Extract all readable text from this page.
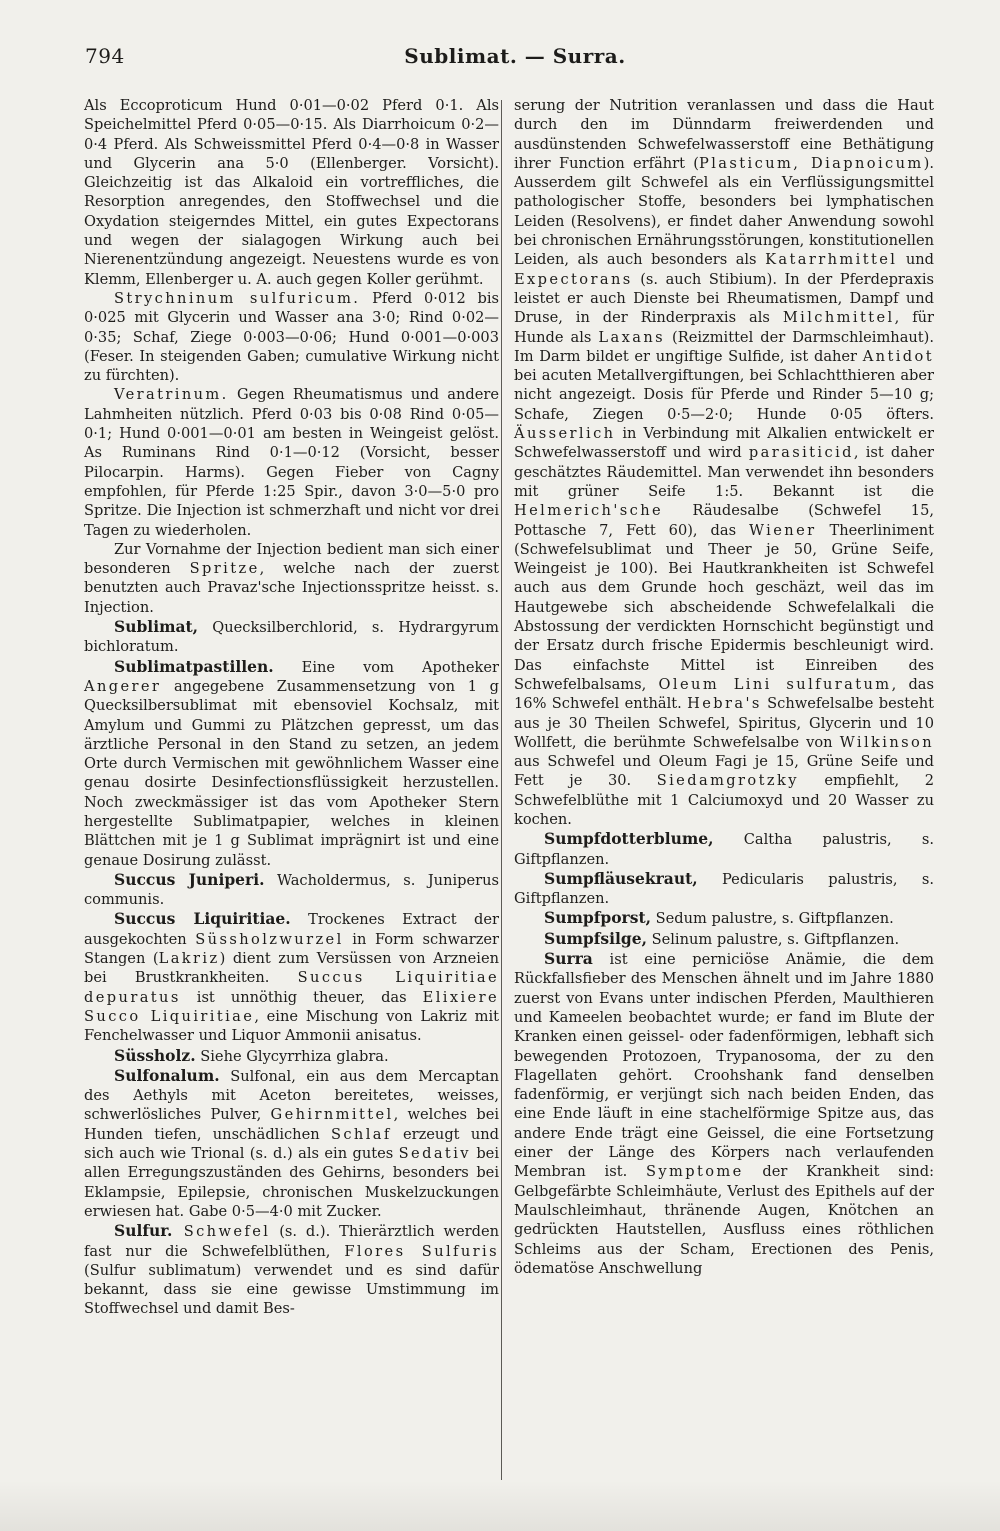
794	Sublimat. — Surra.

Als Eccoproticum Hund 0·01—0·02 Pferd 0·1. Als Speichelmittel Pferd 0·05—0·15. Als Diarrhoicum 0·2—0·4 Pferd. Als Schweissmittel Pferd 0·4—0·8 in Wasser und Glycerin ana 5·0 (Ellenberger. Vorsicht). Gleichzeitig ist das Alkaloid ein vortreffliches, die Resorption anregendes, den Stoffwechsel und die Oxydation steigerndes Mittel, ein gutes Expectorans und wegen der sialagogen Wirkung auch bei Nierenentzündung angezeigt. Neuestens wurde es von Klemm, Ellenberger u. A. auch gegen Koller gerühmt.

Strychninum sulfuricum. Pferd 0·012 bis 0·025 mit Glycerin und Wasser ana 3·0; Rind 0·02—0·35; Schaf, Ziege 0·003—0·06; Hund 0·001—0·003 (Feser. In steigenden Gaben; cumulative Wirkung nicht zu fürchten).

Veratrinum. Gegen Rheumatismus und andere Lahmheiten nützlich. Pferd 0·03 bis 0·08 Rind 0·05—0·1; Hund 0·001—0·01 am besten in Weingeist gelöst. As Ruminans Rind 0·1—0·12 (Vorsicht, besser Pilocarpin. Harms). Gegen Fieber von Cagny empfohlen, für Pferde 1:25 Spir., davon 3·0—5·0 pro Spritze. Die Injection ist schmerzhaft und nicht vor drei Tagen zu wiederholen.

Zur Vornahme der Injection bedient man sich einer besonderen Spritze, welche nach der zuerst benutzten auch Pravaz'sche Injectionsspritze heisst. s. Injection.

Sublimat, Quecksilberchlorid, s. Hydrargyrum bichloratum.

Sublimatpastillen. Eine vom Apotheker Angerer angegebene Zusammensetzung von 1 g Quecksilbersublimat mit ebensoviel Kochsalz, mit Amylum und Gummi zu Plätzchen gepresst, um das ärztliche Personal in den Stand zu setzen, an jedem Orte durch Vermischen mit gewöhnlichem Wasser eine genau dosirte Desinfectionsflüssigkeit herzustellen. Noch zweckmässiger ist das vom Apotheker Stern hergestellte Sublimatpapier, welches in kleinen Blättchen mit je 1 g Sublimat imprägnirt ist und eine genaue Dosirung zulässt.

Succus Juniperi. Wacholdermus, s. Juniperus communis.

Succus Liquiritiae. Trockenes Extract der ausgekochten Süssholzwurzel in Form schwarzer Stangen (Lakriz) dient zum Versüssen von Arzneien bei Brustkrankheiten. Succus Liquiritiae depuratus ist unnöthig theuer, das Elixiere Succo Liquiritiae, eine Mischung von Lakriz mit Fenchelwasser und Liquor Ammonii anisatus.

Süssholz. Siehe Glycyrrhiza glabra.

Sulfonalum. Sulfonal, ein aus dem Mercaptan des Aethyls mit Aceton bereitetes, weisses, schwerlösliches Pulver, Gehirnmittel, welches bei Hunden tiefen, unschädlichen Schlaf erzeugt und sich auch wie Trional (s. d.) als ein gutes Sedativ bei allen Erregungszuständen des Gehirns, besonders bei Eklampsie, Epilepsie, chronischen Muskelzuckungen erwiesen hat. Gabe 0·5—4·0 mit Zucker.

Sulfur. Schwefel (s. d.). Thierärztlich werden fast nur die Schwefelblüthen, Flores Sulfuris (Sulfur sublimatum) verwendet und es sind dafür bekannt, dass sie eine gewisse Umstimmung im Stoffwechsel und damit Bes-

serung der Nutrition veranlassen und dass die Haut durch den im Dünndarm freiwerdenden und ausdünstenden Schwefelwasserstoff eine Bethätigung ihrer Function erfährt (Plasticum, Diapnoicum). Ausserdem gilt Schwefel als ein Verflüssigungsmittel pathologischer Stoffe, besonders bei lymphatischen Leiden (Resolvens), er findet daher Anwendung sowohl bei chronischen Ernährungsstörungen, konstitutionellen Leiden, als auch besonders als Katarrhmittel und Expectorans (s. auch Stibium). In der Pferdepraxis leistet er auch Dienste bei Rheumatismen, Dampf und Druse, in der Rinderpraxis als Milchmittel, für Hunde als Laxans (Reizmittel der Darmschleimhaut). Im Darm bildet er ungiftige Sulfide, ist daher Antidot bei acuten Metallvergiftungen, bei Schlachtthieren aber nicht angezeigt. Dosis für Pferde und Rinder 5—10 g; Schafe, Ziegen 0·5—2·0; Hunde 0·05 öfters. Äusserlich in Verbindung mit Alkalien entwickelt er Schwefelwasserstoff und wird parasiticid, ist daher geschätztes Räudemittel. Man verwendet ihn besonders mit grüner Seife 1:5. Bekannt ist die Helmerich'sche Räudesalbe (Schwefel 15, Pottasche 7, Fett 60), das Wiener Theerliniment (Schwefelsublimat und Theer je 50, Grüne Seife, Weingeist je 100). Bei Hautkrankheiten ist Schwefel auch aus dem Grunde hoch geschäzt, weil das im Hautgewebe sich abscheidende Schwefelalkali die Abstossung der verdickten Hornschicht begünstigt und der Ersatz durch frische Epidermis beschleunigt wird. Das einfachste Mittel ist Einreiben des Schwefelbalsams, Oleum Lini sulfuratum, das 16% Schwefel enthält. Hebra's Schwefelsalbe besteht aus je 30 Theilen Schwefel, Spiritus, Glycerin und 10 Wollfett, die berühmte Schwefelsalbe von Wilkinson aus Schwefel und Oleum Fagi je 15, Grüne Seife und Fett je 30. Siedamgrotzky empfiehlt, 2 Schwefelblüthe mit 1 Calciumoxyd und 20 Wasser zu kochen.

Sumpfdotterblume, Caltha palustris, s. Giftpflanzen.

Sumpfläusekraut, Pedicularis palustris, s. Giftpflanzen.

Sumpfporst, Sedum palustre, s. Giftpflanzen.

Sumpfsilge, Selinum palustre, s. Giftpflanzen.

Surra ist eine perniciöse Anämie, die dem Rückfallsfieber des Menschen ähnelt und im Jahre 1880 zuerst von Evans unter indischen Pferden, Maulthieren und Kameelen beobachtet wurde; er fand im Blute der Kranken einen geissel- oder fadenförmigen, lebhaft sich bewegenden Protozoen, Trypanosoma, der zu den Flagellaten gehört. Croohshank fand denselben fadenförmig, er verjüngt sich nach beiden Enden, das eine Ende läuft in eine stachelförmige Spitze aus, das andere Ende trägt eine Geissel, die eine Fortsetzung einer der Länge des Körpers nach verlaufenden Membran ist. Symptome der Krankheit sind: Gelbgefärbte Schleimhäute, Verlust des Epithels auf der Maulschleimhaut, thränende Augen, Knötchen an gedrückten Hautstellen, Ausfluss eines röthlichen Schleims aus der Scham, Erectionen des Penis, ödematöse Anschwellung
